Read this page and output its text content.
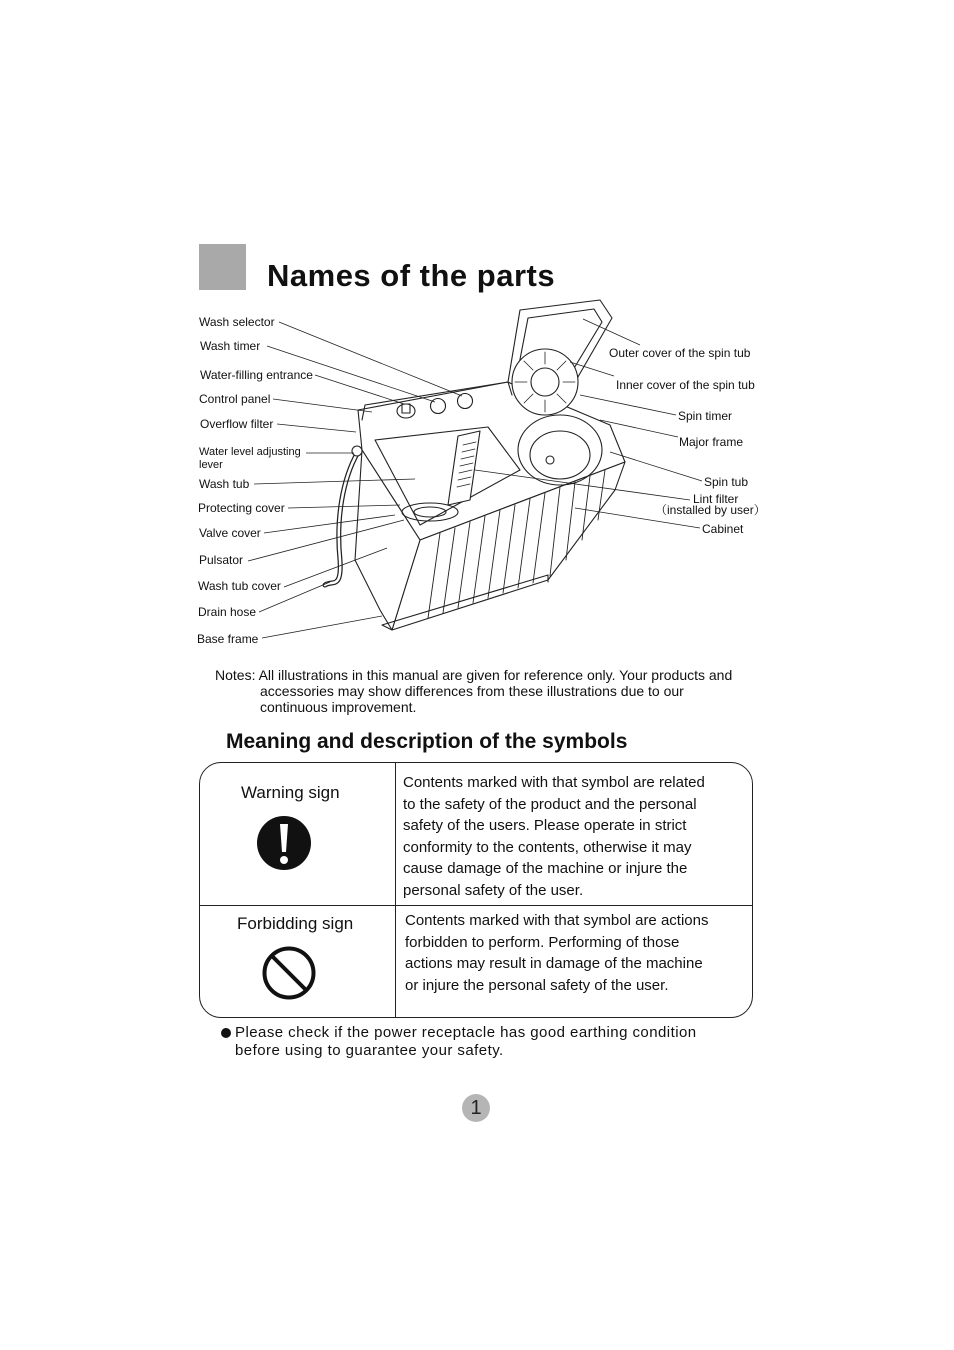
Names of the parts
Wash selector
Wash timer
Water-filling entrance
Control panel
Overflow filter
Water level adjusting
lever
Wash tub
Protecting cover
Valve cover
Pulsator
Wash tub cover
Drain hose
Base frame
Outer cover of the spin tub
Inner cover of the spin tub
Spin timer
Major frame
Spin tub
Lint filter
（installed by user）
Cabinet
Notes: All illustrations in this manual are given for reference only. Your products and
accessories may show differences from these illustrations due to our
continuous improvement.
Meaning and description of the symbols
Warning sign
Contents marked with that symbol are related
to the safety of the product and the personal
safety of the users. Please operate in strict
conformity to the contents, otherwise it may
cause damage of the machine or injure the
personal safety of the user.
Forbidding sign	Contents marked with that symbol are actions
forbidden to perform. Performing of those
actions may result in damage of the machine
or injure the personal safety of the user.
Please check if the power receptacle has good earthing condition
before using to guarantee your safety.
1
